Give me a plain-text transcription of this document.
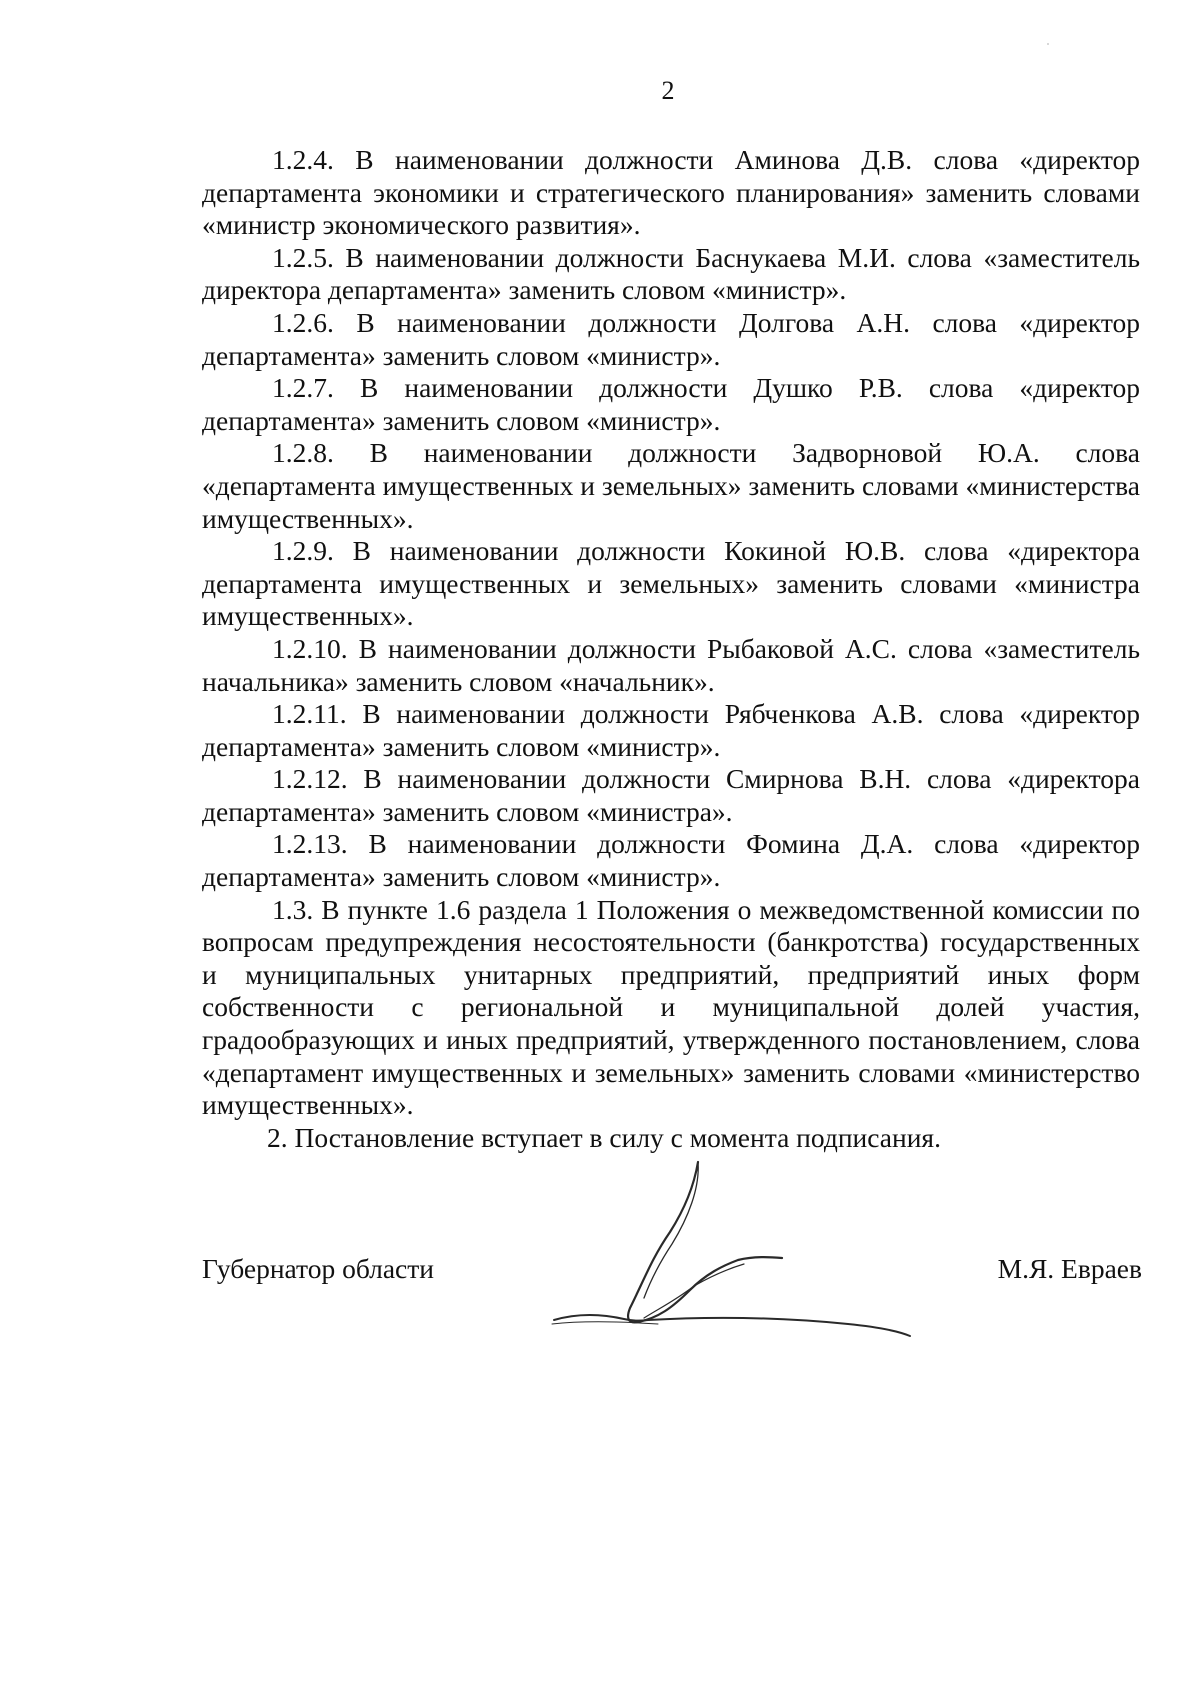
2

1.2.4. В наименовании должности Аминова Д.В. слова «директор департамента экономики и стратегического планирования» заменить словами «министр экономического развития».

1.2.5. В наименовании должности Баснукаева М.И. слова «заместитель директора департамента» заменить словом «министр».

1.2.6. В наименовании должности Долгова А.Н. слова «директор департамента» заменить словом «министр».

1.2.7. В наименовании должности Душко Р.В. слова «директор департамента» заменить словом «министр».

1.2.8. В наименовании должности Задворновой Ю.А. слова «департамента имущественных и земельных» заменить словами «министерства имущественных».

1.2.9. В наименовании должности Кокиной Ю.В. слова «директора департамента имущественных и земельных» заменить словами «министра имущественных».

1.2.10. В наименовании должности Рыбаковой А.С. слова «заместитель начальника» заменить словом «начальник».

1.2.11. В наименовании должности Рябченкова А.В. слова «директор департамента» заменить словом «министр».

1.2.12. В наименовании должности Смирнова В.Н. слова «директора департамента» заменить словом «министра».

1.2.13. В наименовании должности Фомина Д.А. слова «директор департамента» заменить словом «министр».

1.3. В пункте 1.6 раздела 1 Положения о межведомственной комиссии по вопросам предупреждения несостоятельности (банкротства) государственных и муниципальных унитарных предприятий, предприятий иных форм собственности с региональной и муниципальной долей участия, градообразующих и иных предприятий, утвержденного постановлением, слова «департамент имущественных и земельных» заменить словами «министерство имущественных».

2. Постановление вступает в силу с момента подписания.

Губернатор области	М.Я. Евраев
